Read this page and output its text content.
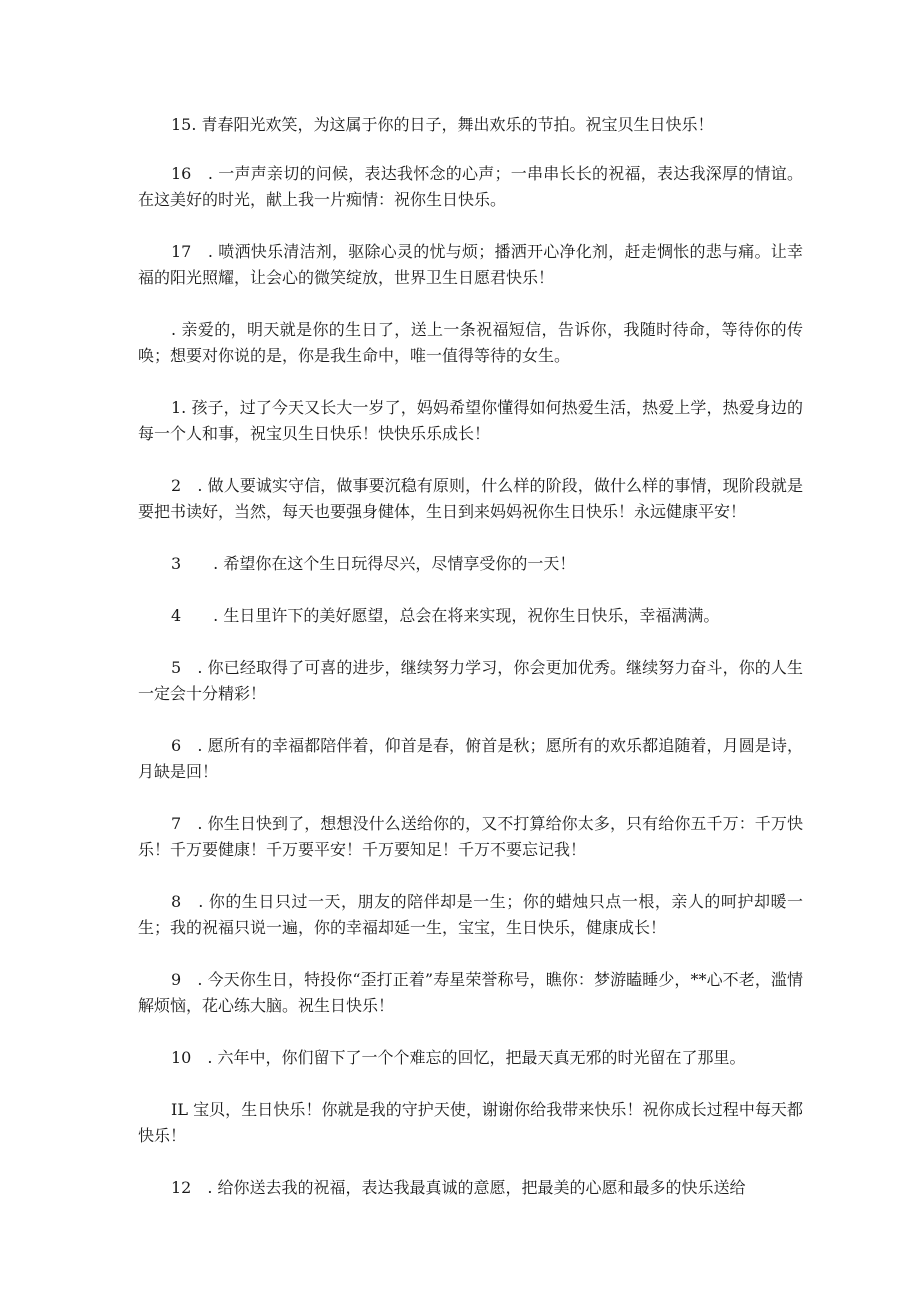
15. 青春阳光欢笑，为这属于你的日子，舞出欢乐的节拍。祝宝贝生日快乐！

16　. 一声声亲切的问候，表达我怀念的心声；一串串长长的祝福，表达我深厚的情谊。在这美好的时光，献上我一片痴情：祝你生日快乐。

17　. 喷洒快乐清洁剂，驱除心灵的忧与烦；播洒开心净化剂，赶走惆怅的悲与痛。让幸福的阳光照耀，让会心的微笑绽放，世界卫生日愿君快乐！

. 亲爱的，明天就是你的生日了，送上一条祝福短信，告诉你，我随时待命，等待你的传唤；想要对你说的是，你是我生命中，唯一值得等待的女生。

1. 孩子，过了今天又长大一岁了，妈妈希望你懂得如何热爱生活，热爱上学，热爱身边的每一个人和事，祝宝贝生日快乐！快快乐乐成长！

2　. 做人要诚实守信，做事要沉稳有原则，什么样的阶段，做什么样的事情，现阶段就是要把书读好，当然，每天也要强身健体，生日到来妈妈祝你生日快乐！永远健康平安！

3　　. 希望你在这个生日玩得尽兴，尽情享受你的一天！

4　　. 生日里许下的美好愿望，总会在将来实现，祝你生日快乐，幸福满满。

5　. 你已经取得了可喜的进步，继续努力学习，你会更加优秀。继续努力奋斗，你的人生一定会十分精彩！

6　. 愿所有的幸福都陪伴着，仰首是春，俯首是秋；愿所有的欢乐都追随着，月圆是诗，月缺是回！

7　. 你生日快到了，想想没什么送给你的，又不打算给你太多，只有给你五千万：千万快乐！千万要健康！千万要平安！千万要知足！千万不要忘记我！

8　. 你的生日只过一天，朋友的陪伴却是一生；你的蜡烛只点一根，亲人的呵护却暖一生；我的祝福只说一遍，你的幸福却延一生，宝宝，生日快乐，健康成长！

9　. 今天你生日，特投你“歪打正着”寿星荣誉称号，瞧你：梦游瞌睡少，**心不老，滥情解烦恼，花心练大脑。祝生日快乐！

10　. 六年中，你们留下了一个个难忘的回忆，把最天真无邪的时光留在了那里。

IL 宝贝，生日快乐！你就是我的守护天使，谢谢你给我带来快乐！祝你成长过程中每天都快乐！

12　. 给你送去我的祝福，表达我最真诚的意愿，把最美的心愿和最多的快乐送给
